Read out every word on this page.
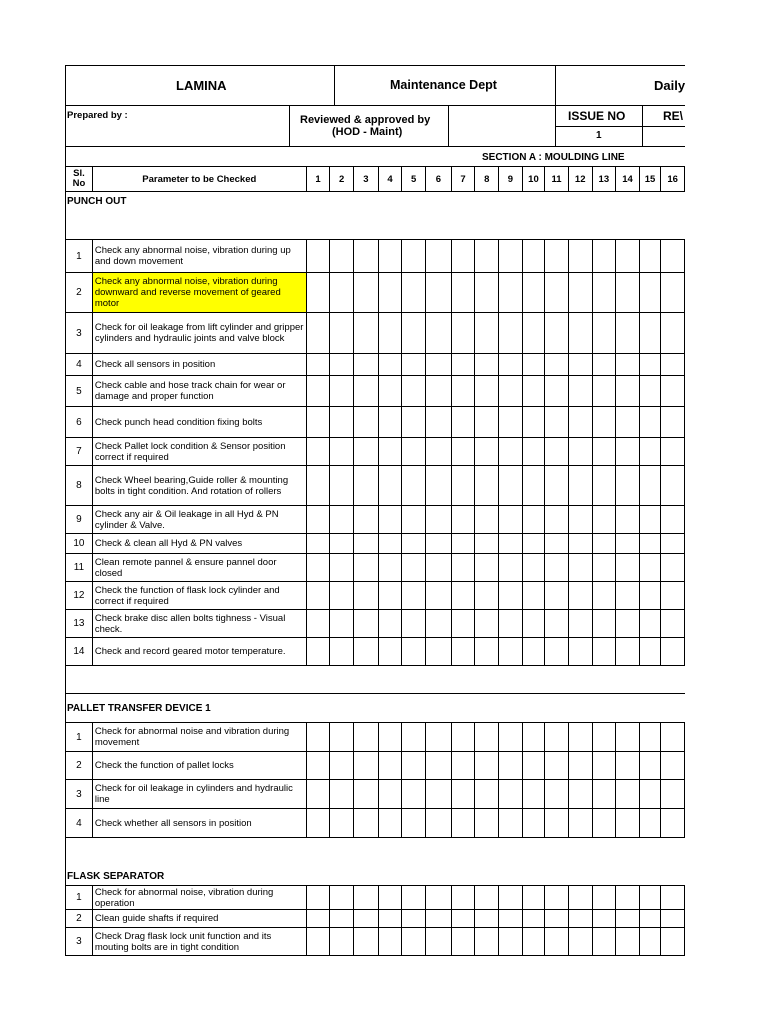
LAMINA	Maintenance Dept	Daily
Prepared by :	Reviewed & approved by
(HOD - Maint)
ISSUE NO
1
RE\
SECTION A : MOULDING LINE
Sl.
No	Parameter to be Checked	1	2	3	4	5	6	7	8	9	10	11	12	13	14	15	16
PUNCH OUT																	
1	Check any abnormal noise, vibration during up and down movement																
2	Check any abnormal noise, vibration during downward and reverse movement of geared motor																
3	Check for oil leakage from lift cylinder and gripper cylinders and hydraulic joints and valve block																
4	Check all sensors in position																
5	Check cable and hose track chain for wear or damage and proper function																
6	Check punch head condition fixing bolts																
7	Check Pallet lock condition & Sensor position correct if required																
8	Check Wheel bearing,Guide roller & mounting bolts in tight condition. And rotation of rollers																
9	Check any air & Oil leakage in all Hyd & PN cylinder & Valve.																
10	Check & clean all Hyd & PN valves																
11	Clean remote pannel & ensure pannel door closed																
12	Check the function of flask lock cylinder and correct if required																
13	Check brake disc allen bolts tighness - Visual check.																
14	Check and record geared motor temperature.																

PALLET TRANSFER DEVICE 1																	
1	Check for abnormal noise and vibration during movement																
2	Check the function of pallet locks																
3	Check for oil leakage in cylinders and hydraulic line																
4	Check whether all sensors in position																
FLASK SEPARATOR																	
1	Check for abnormal noise, vibration during operation																
2	Clean guide shafts if required																
3	Check Drag flask lock unit function and its mouting bolts are in tight condition																
